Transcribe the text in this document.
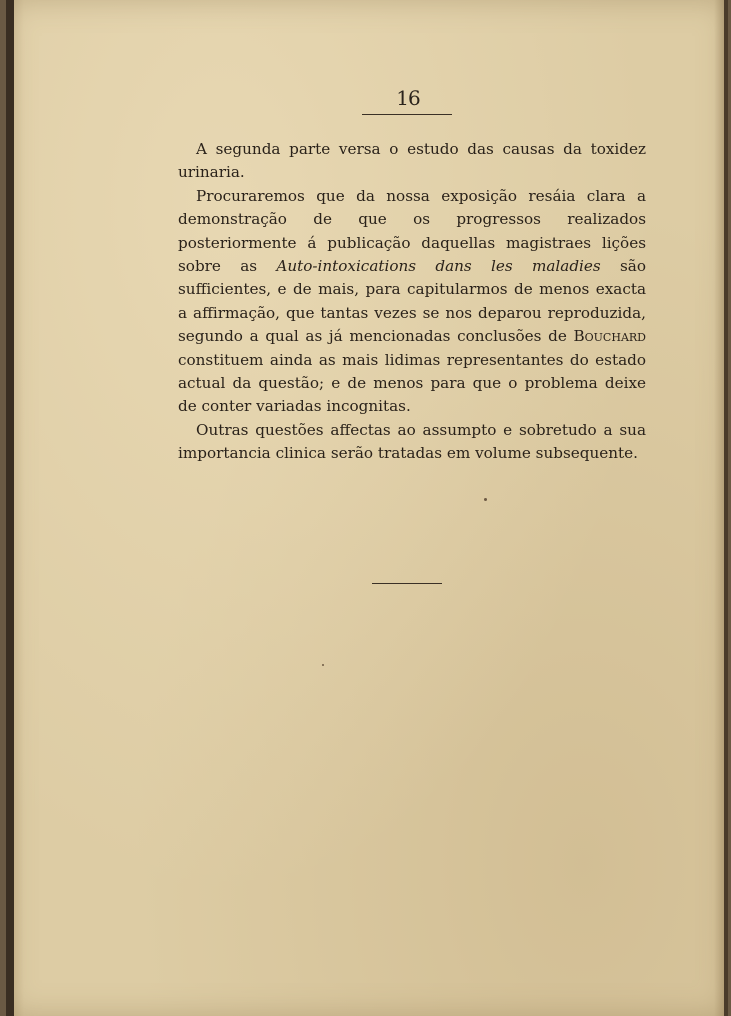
16

A segunda parte versa o estudo das causas da toxidez urinaria.

Procuraremos que da nossa exposição resáia clara a demonstração de que os progressos realizados posteriormente á publicação daquellas magistraes lições sobre as Auto-intoxications dans les maladies são sufficientes, e de mais, para capitularmos de menos exacta a affirmação, que tantas vezes se nos deparou reproduzida, segundo a qual as já mencionadas conclusões de Bouchard constituem ainda as mais lidimas representantes do estado actual da questão; e de menos para que o problema deixe de conter variadas incognitas.

Outras questões affectas ao assumpto e sobretudo a sua importancia clinica serão tratadas em volume subsequente.
